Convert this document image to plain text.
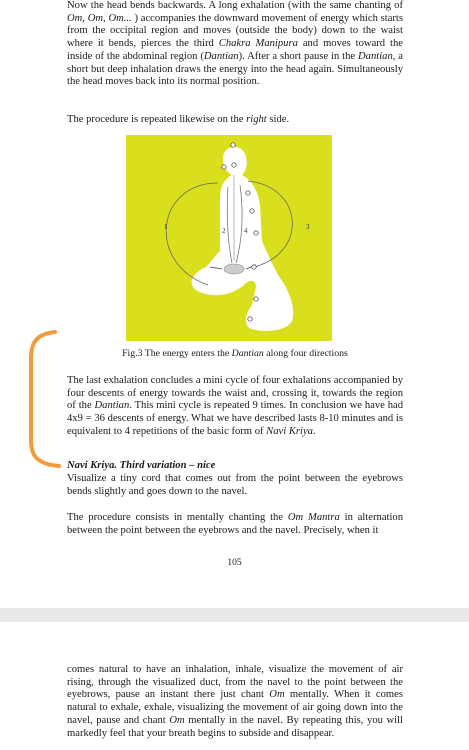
Now the head bends backwards. A long exhalation (with the same chanting of Om, Om, Om... ) accompanies the downward movement of energy which starts from the occipital region and moves (outside the body) down to the waist where it bends, pierces the third Chakra Manipura and moves toward the inside of the abdominal region (Dantian). After a short pause in the Dantian, a short but deep inhalation draws the energy into the head again. Simultaneously the head moves back into its normal position.

The procedure is repeated likewise on the right side.

1	2	4	3

Fig.3 The energy enters the Dantian along four directions

The last exhalation concludes a mini cycle of four exhalations accompanied by four descents of energy towards the waist and, crossing it, towards the region of the Dantian. This mini cycle is repeated 9 times. In conclusion we have had 4x9 = 36 descents of energy. What we have described lasts 8-10 minutes and is equivalent to 4 repetitions of the basic form of Navi Kriya.

Navi Kriya. Third variation – nice

Visualize a tiny cord that comes out from the point between the eyebrows bends slightly and goes down to the navel.

The procedure consists in mentally chanting the Om Mantra in alternation between the point between the eyebrows and the navel. Precisely, when it

105

comes natural to have an inhalation, inhale, visualize the movement of air rising, through the visualized duct, from the navel to the point between the eyebrows, pause an instant there just chant Om mentally. When it comes natural to exhale, exhale, visualizing the movement of air going down into the navel, pause and chant Om mentally in the navel. By repeating this, you will markedly feel that your breath begins to subside and disappear.
